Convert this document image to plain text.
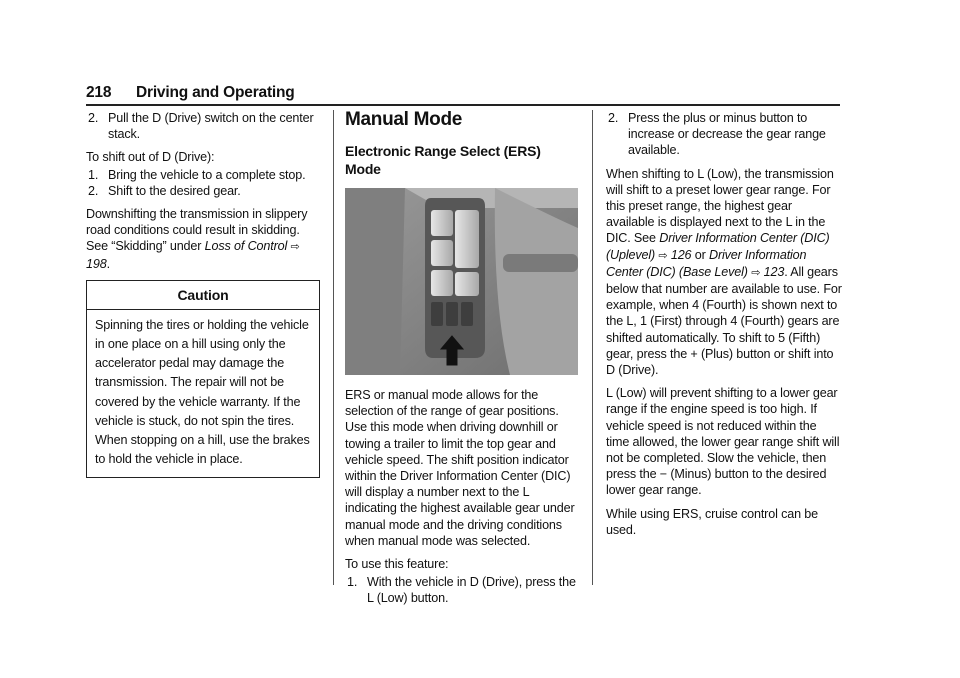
218 Driving and Operating
2. Pull the D (Drive) switch on the center stack.

To shift out of D (Drive):

1. Bring the vehicle to a complete stop.
2. Shift to the desired gear.

Downshifting the transmission in slippery road conditions could result in skidding. See “Skidding” under Loss of Control ⇨ 198.

Caution
Spinning the tires or holding the vehicle in one place on a hill using only the accelerator pedal may damage the transmission. The repair will not be covered by the vehicle warranty. If the vehicle is stuck, do not spin the tires. When stopping on a hill, use the brakes to hold the vehicle in place.
Manual Mode
Electronic Range Select (ERS) Mode

ERS or manual mode allows for the selection of the range of gear positions. Use this mode when driving downhill or towing a trailer to limit the top gear and vehicle speed. The shift position indicator within the Driver Information Center (DIC) will display a number next to the L indicating the highest available gear under manual mode and the driving conditions when manual mode was selected.

To use this feature:

1. With the vehicle in D (Drive), press the L (Low) button.
2. Press the plus or minus button to increase or decrease the gear range available.

When shifting to L (Low), the transmission will shift to a preset lower gear range. For this preset range, the highest gear available is displayed next to the L in the DIC. See Driver Information Center (DIC) (Uplevel) ⇨ 126 or Driver Information Center (DIC) (Base Level) ⇨ 123. All gears below that number are available to use. For example, when 4 (Fourth) is shown next to the L, 1 (First) through 4 (Fourth) gears are shifted automatically. To shift to 5 (Fifth) gear, press the + (Plus) button or shift into D (Drive).

L (Low) will prevent shifting to a lower gear range if the engine speed is too high. If vehicle speed is not reduced within the time allowed, the lower gear range shift will not be completed. Slow the vehicle, then press the − (Minus) button to the desired lower gear range.

While using ERS, cruise control can be used.
